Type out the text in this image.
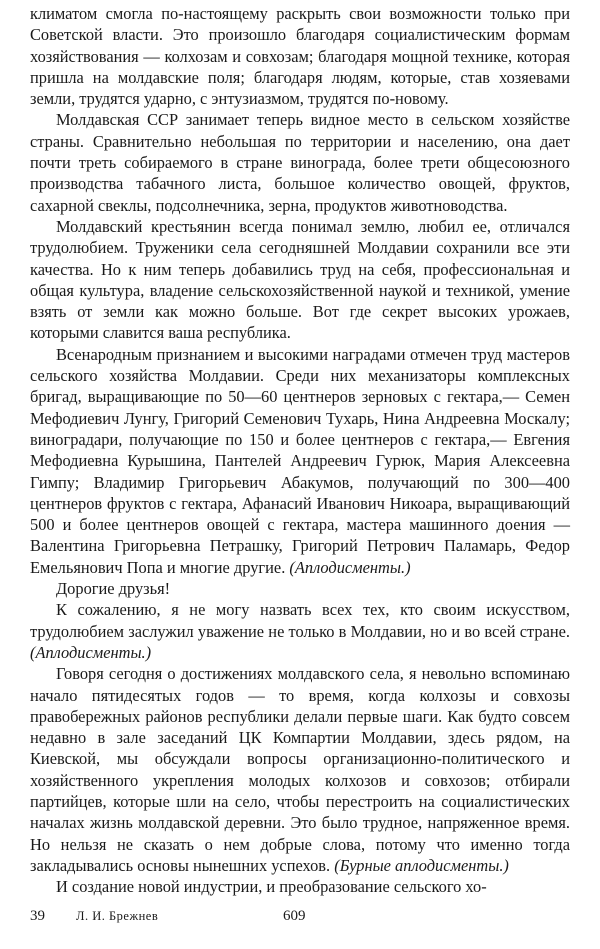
климатом смогла по-настоящему раскрыть свои возможности только при Советской власти. Это произошло благодаря социалистическим формам хозяйствования — колхозам и совхозам; благодаря мощной технике, которая пришла на молдавские поля; благодаря людям, которые, став хозяевами земли, трудятся ударно, с энтузиазмом, трудятся по-новому.

Молдавская ССР занимает теперь видное место в сельском хозяйстве страны. Сравнительно небольшая по территории и населению, она дает почти треть собираемого в стране винограда, более трети общесоюзного производства табачного листа, большое количество овощей, фруктов, сахарной свеклы, подсолнечника, зерна, продуктов животноводства.

Молдавский крестьянин всегда понимал землю, любил ее, отличался трудолюбием. Труженики села сегодняшней Молдавии сохранили все эти качества. Но к ним теперь добавились труд на себя, профессиональная и общая культура, владение сельскохозяйственной наукой и техникой, умение взять от земли как можно больше. Вот где секрет высоких урожаев, которыми славится ваша республика.

Всенародным признанием и высокими наградами отмечен труд мастеров сельского хозяйства Молдавии. Среди них механизаторы комплексных бригад, выращивающие по 50—60 центнеров зерновых с гектара,— Семен Мефодиевич Лунгу, Григорий Семенович Тухарь, Нина Андреевна Москалу; виноградари, получающие по 150 и более центнеров с гектара,— Евгения Мефодиевна Курышина, Пантелей Андреевич Гурюк, Мария Алексеевна Гимпу; Владимир Григорьевич Абакумов, получающий по 300—400 центнеров фруктов с гектара, Афанасий Иванович Никоара, выращивающий 500 и более центнеров овощей с гектара, мастера машинного доения — Валентина Григорьевна Петрашку, Григорий Петрович Паламарь, Федор Емельянович Попа и многие другие. (Аплодисменты.)

Дорогие друзья!

К сожалению, я не могу назвать всех тех, кто своим искусством, трудолюбием заслужил уважение не только в Молдавии, но и во всей стране. (Аплодисменты.)

Говоря сегодня о достижениях молдавского села, я невольно вспоминаю начало пятидесятых годов — то время, когда колхозы и совхозы правобережных районов республики делали первые шаги. Как будто совсем недавно в зале заседаний ЦК Компартии Молдавии, здесь рядом, на Киевской, мы обсуждали вопросы организационно-политического и хозяйственного укрепления молодых колхозов и совхозов; отбирали партийцев, которые шли на село, чтобы перестроить на социалистических началах жизнь молдавской деревни. Это было трудное, напряженное время. Но нельзя не сказать о нем добрые слова, потому что именно тогда закладывались основы нынешних успехов. (Бурные аплодисменты.)

И создание новой индустрии, и преобразование сельского хо-

39 Л. И. Брежнев	609
